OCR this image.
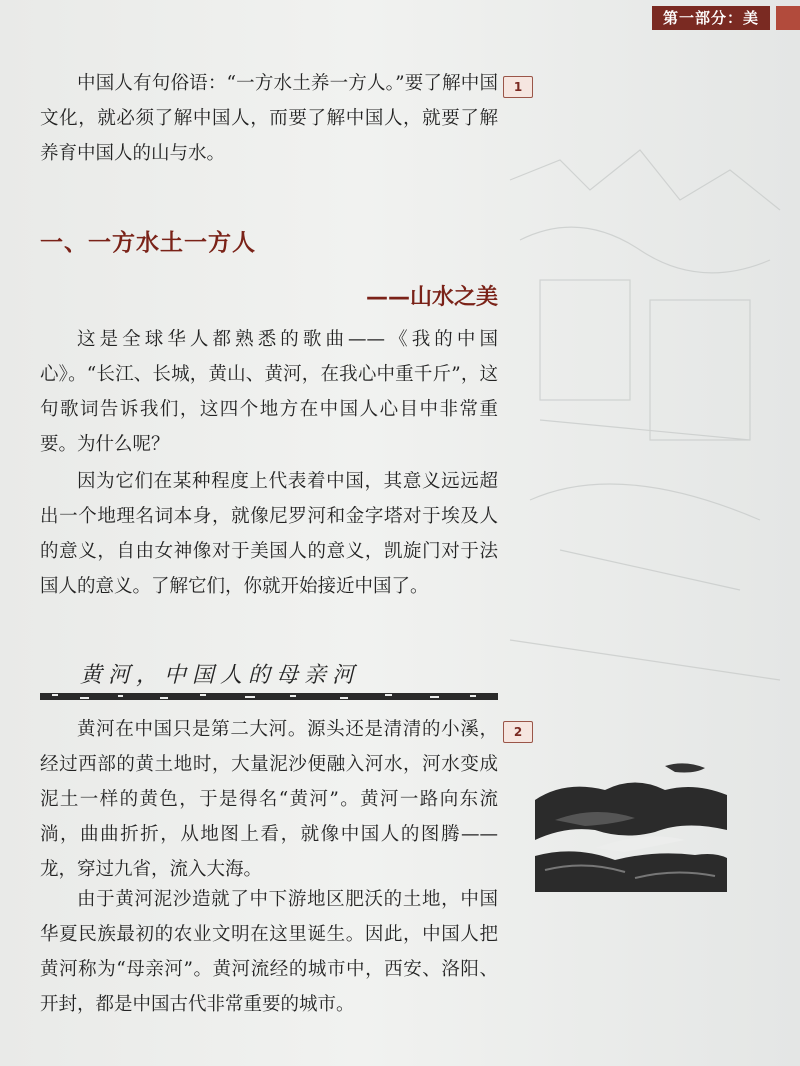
第一部分：美

中国人有句俗语：“一方水土养一方人。”要了解中国文化，就必须了解中国人，而要了解中国人，就要了解养育中国人的山与水。

1
一、一方水土一方人
——山水之美

这是全球华人都熟悉的歌曲——《我的中国心》。“长江、长城，黄山、黄河，在我心中重千斤”，这句歌词告诉我们，这四个地方在中国人心目中非常重要。为什么呢？

因为它们在某种程度上代表着中国，其意义远远超出一个地理名词本身，就像尼罗河和金字塔对于埃及人的意义，自由女神像对于美国人的意义，凯旋门对于法国人的意义。了解它们，你就开始接近中国了。

黄河，中国人的母亲河
2

黄河在中国只是第二大河。源头还是清清的小溪，经过西部的黄土地时，大量泥沙便融入河水，河水变成泥土一样的黄色，于是得名“黄河”。黄河一路向东流淌，曲曲折折，从地图上看，就像中国人的图腾——龙，穿过九省，流入大海。

由于黄河泥沙造就了中下游地区肥沃的土地，中国华夏民族最初的农业文明在这里诞生。因此，中国人把黄河称为“母亲河”。黄河流经的城市中，西安、洛阳、开封，都是中国古代非常重要的城市。
